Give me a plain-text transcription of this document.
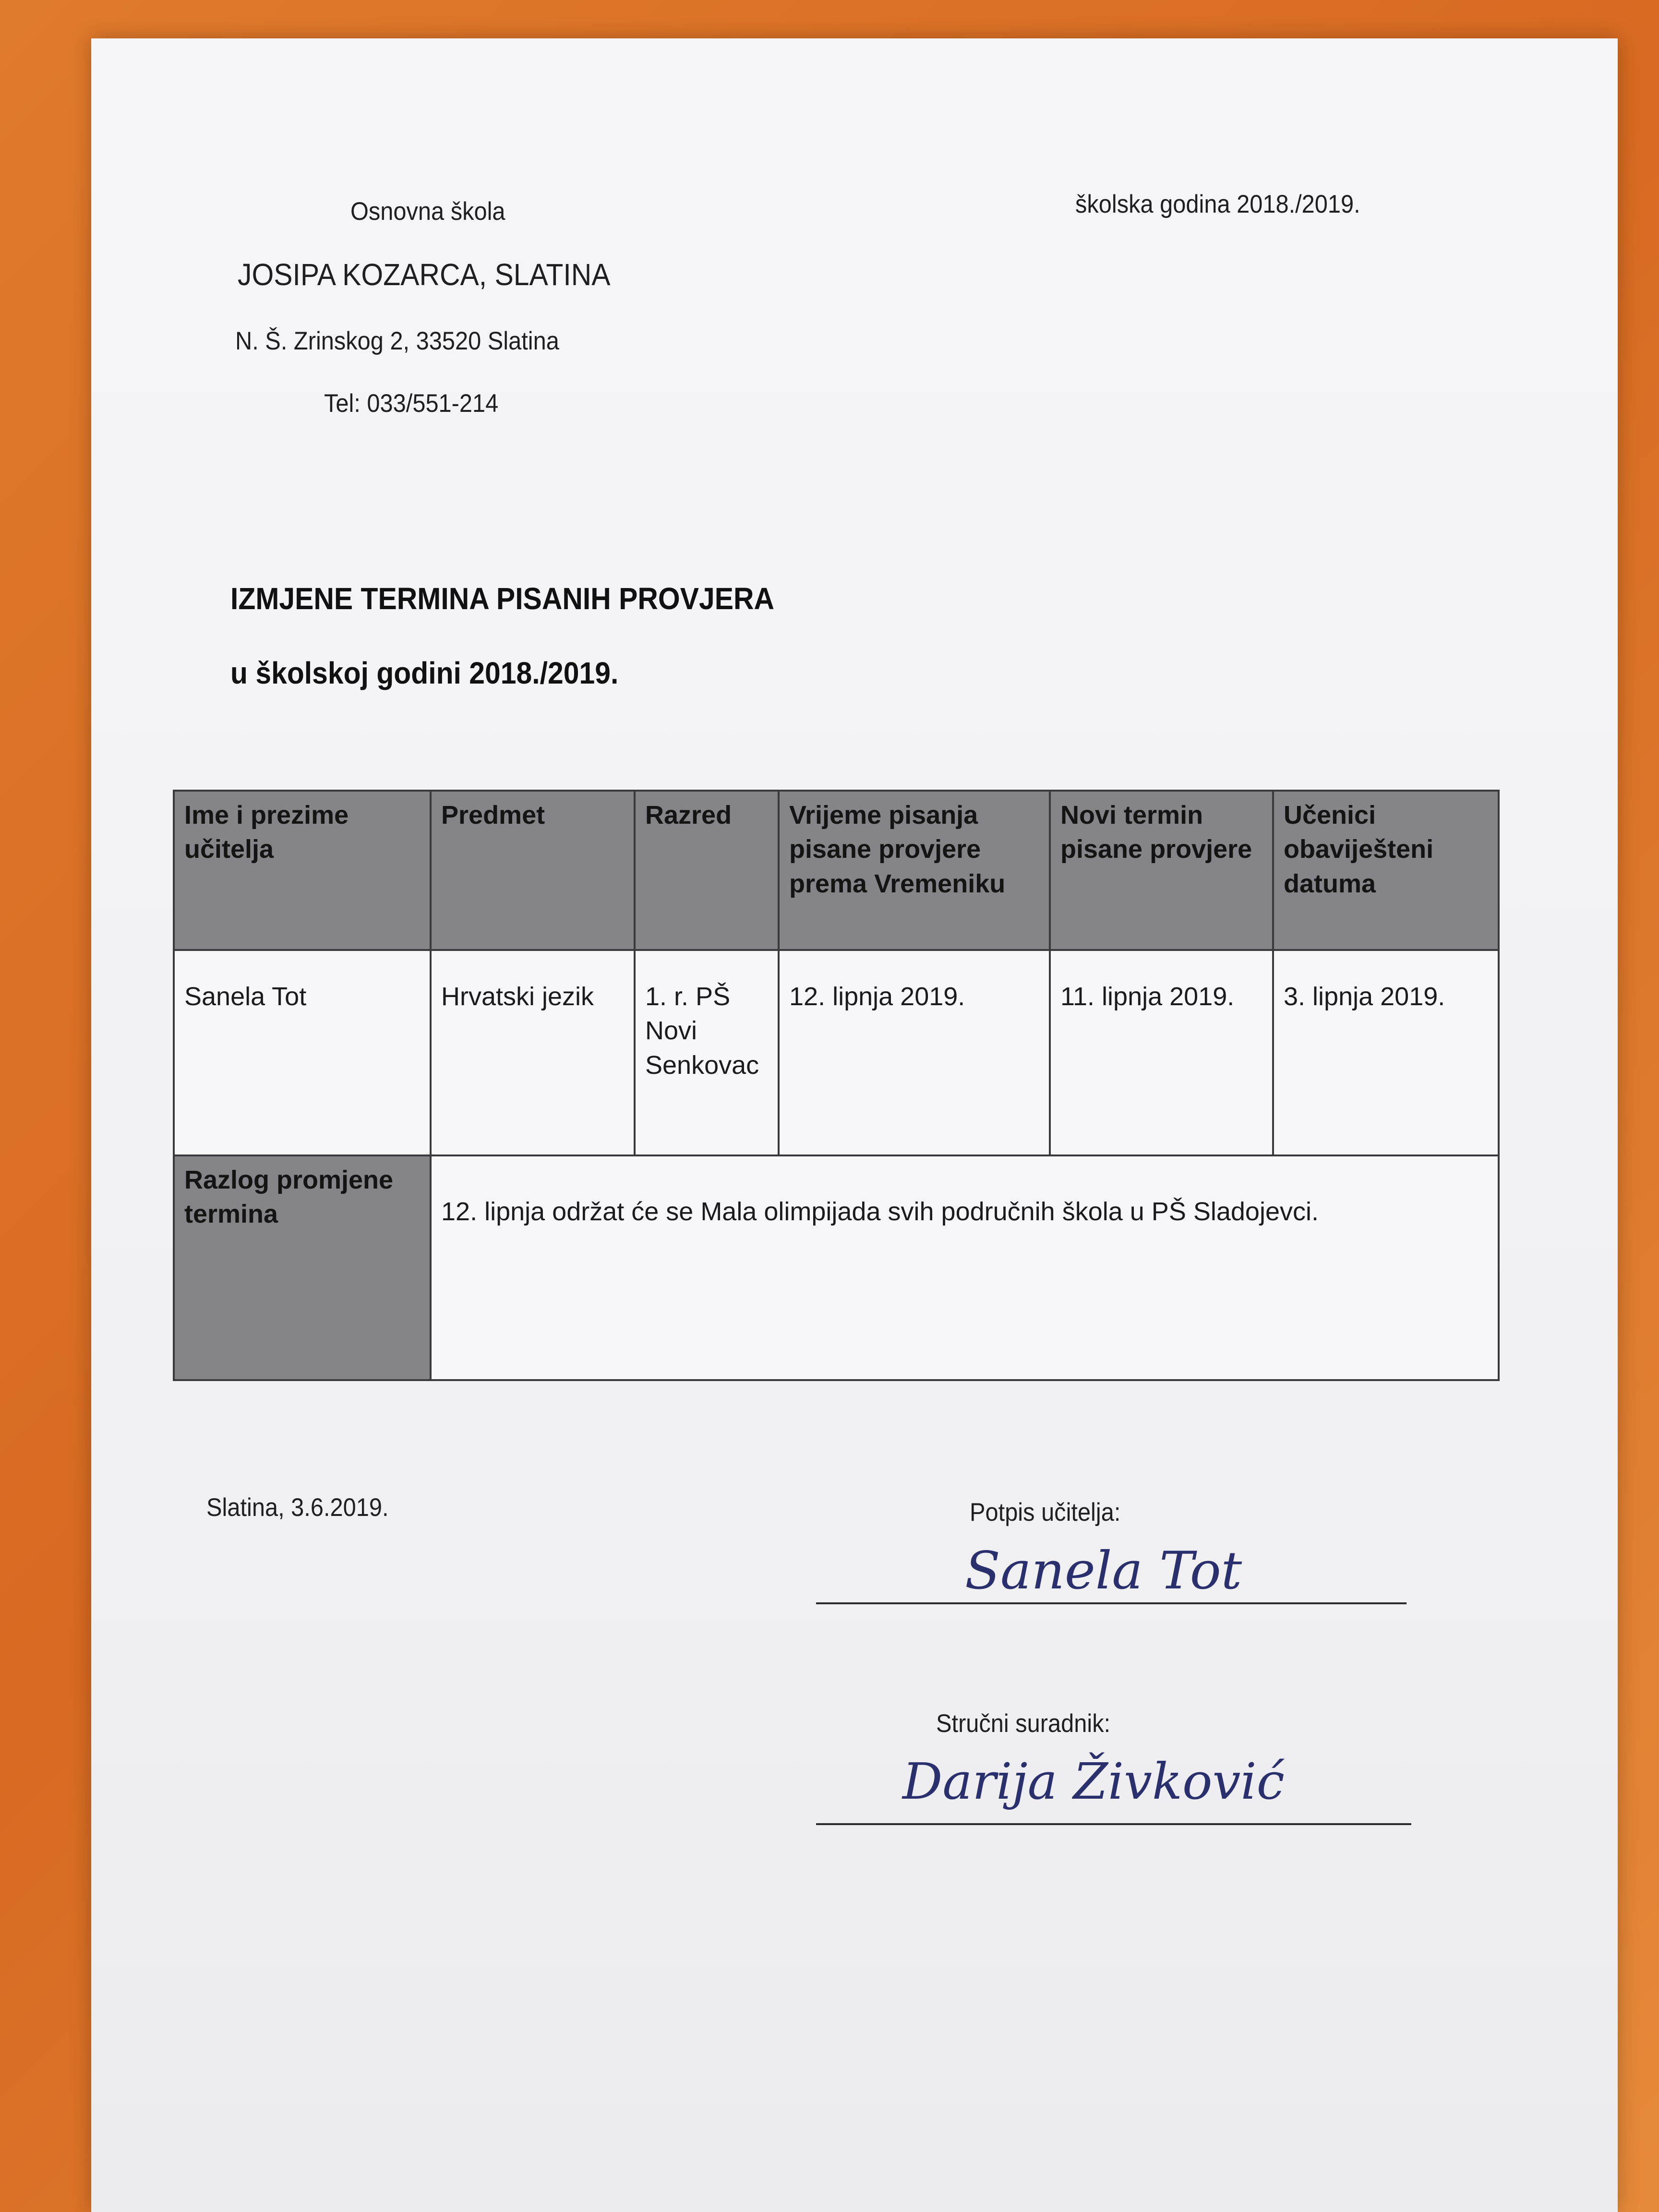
Osnovna škola
JOSIPA KOZARCA, SLATINA
N. Š. Zrinskog 2, 33520 Slatina
Tel: 033/551-214
školska godina 2018./2019.
IZMJENE TERMINA PISANIH PROVJERA
u školskoj godini 2018./2019.
Ime i prezime učitelja	Predmet	Razred	Vrijeme pisanja pisane provjere prema Vremeniku	Novi termin pisane provjere	Učenici obaviješteni datuma
Sanela Tot	Hrvatski jezik	1. r. PŠ Novi Senkovac	12. lipnja 2019.	11. lipnja 2019.	3. lipnja 2019.
Razlog promjene termina	12. lipnja održat će se Mala olimpijada svih područnih škola u PŠ Sladojevci.				
Slatina, 3.6.2019.	Potpis učitelja:
Sanela Tot
Stručni suradnik:
Darija Živković
